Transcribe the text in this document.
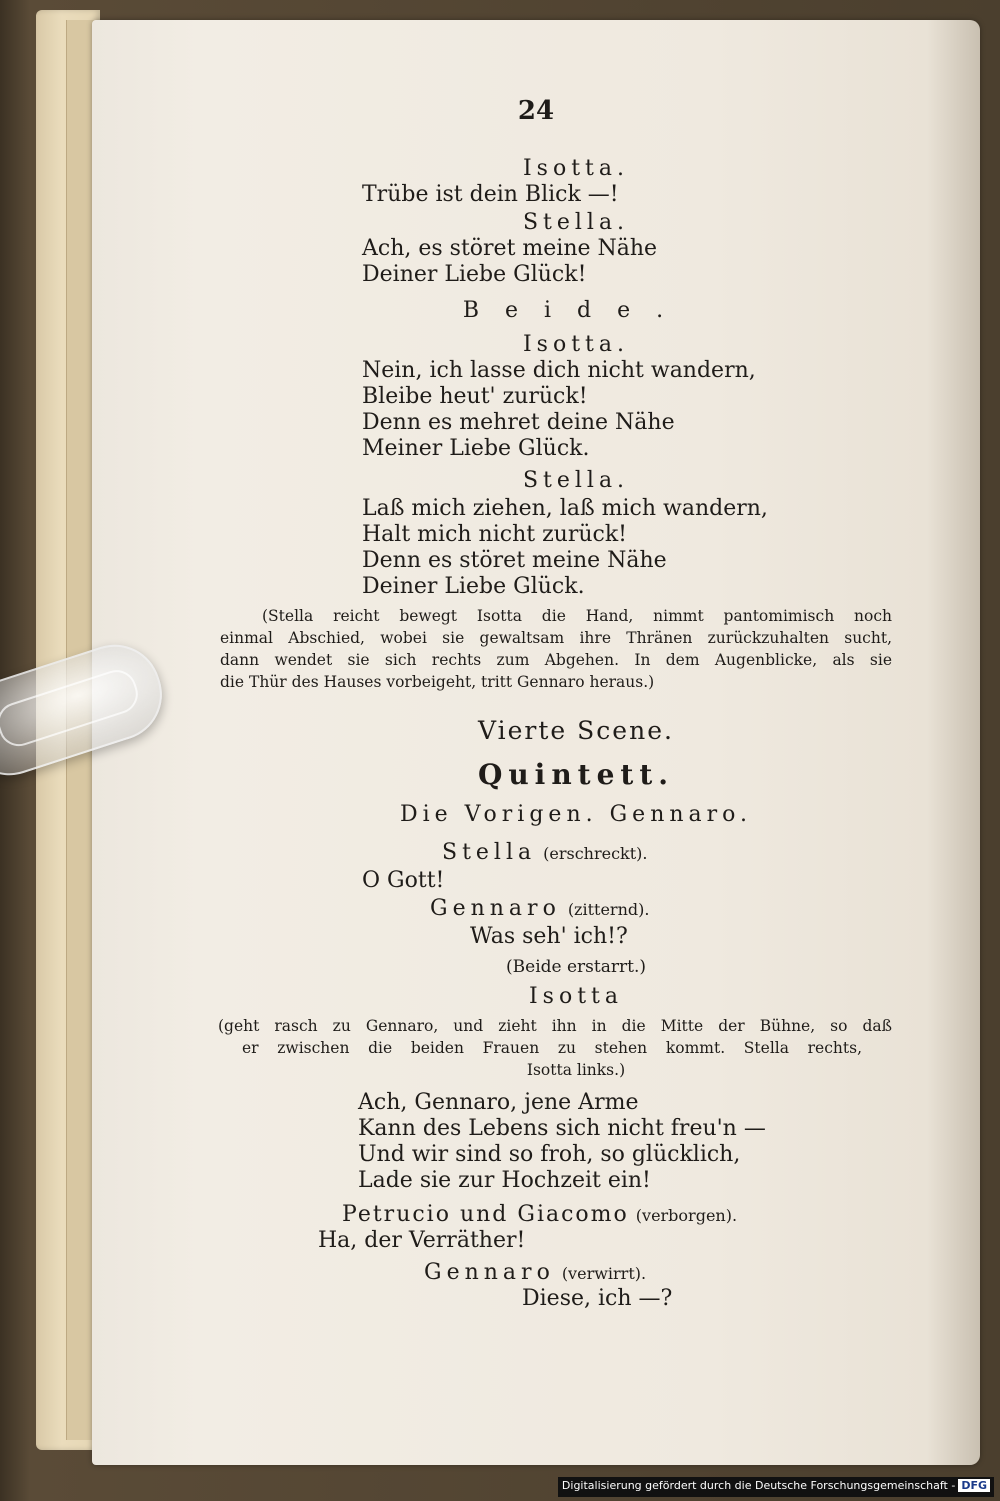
24
Isotta.
Trübe ist dein Blick —!
Stella.
Ach, es störet meine Nähe
Deiner Liebe Glück!
Beide.
Isotta.
Nein, ich lasse dich nicht wandern,
Bleibe heut' zurück!
Denn es mehret deine Nähe
Meiner Liebe Glück.
Stella.
Laß mich ziehen, laß mich wandern,
Halt mich nicht zurück!
Denn es störet meine Nähe
Deiner Liebe Glück.
(Stella reicht bewegt Isotta die Hand, nimmt pantomimisch noch
einmal Abschied, wobei sie gewaltsam ihre Thränen zurückzuhalten sucht,
dann wendet sie sich rechts zum Abgehen. In dem Augenblicke, als sie
die Thür des Hauses vorbeigeht, tritt Gennaro heraus.)
Vierte Scene.
Quintett.
Die Vorigen. Gennaro.
Stella (erschreckt).
O Gott!
Gennaro (zitternd).
Was seh' ich!?
(Beide erstarrt.)
Isotta
(geht rasch zu Gennaro, und zieht ihn in die Mitte der Bühne, so daß
er zwischen die beiden Frauen zu stehen kommt. Stella rechts,
Isotta links.)
Ach, Gennaro, jene Arme
Kann des Lebens sich nicht freu'n —
Und wir sind so froh, so glücklich,
Lade sie zur Hochzeit ein!
Petrucio und Giacomo (verborgen).
Ha, der Verräther!
Gennaro (verwirrt).
Diese, ich —?
Digitalisierung gefördert durch die Deutsche Forschungsgemeinschaft - DFG
